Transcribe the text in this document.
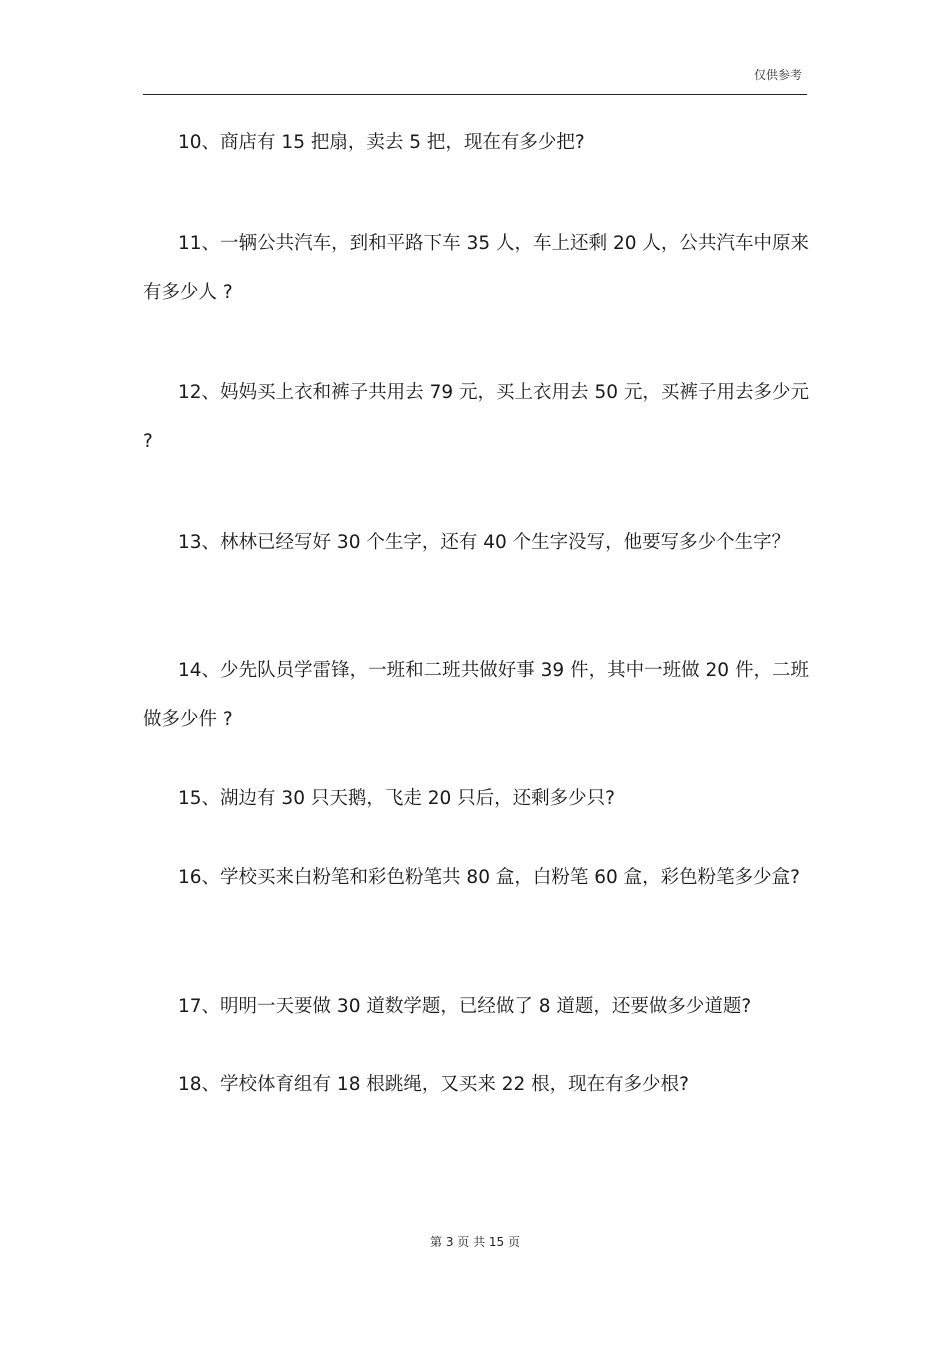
仅供参考

10、商店有 15 把扇，卖去 5 把，现在有多少把?

11、一辆公共汽车，到和平路下车 35 人，车上还剩 20 人，公共汽车中原来有多少人 ?

12、妈妈买上衣和裤子共用去 79 元，买上衣用去 50 元，买裤子用去多少元 ?

13、林林已经写好 30 个生字，还有 40 个生字没写，他要写多少个生字？

14、少先队员学雷锋，一班和二班共做好事 39 件，其中一班做 20 件，二班做多少件 ?

15、湖边有 30 只天鹅，飞走 20 只后，还剩多少只?

16、学校买来白粉笔和彩色粉笔共 80 盒，白粉笔 60 盒，彩色粉笔多少盒?

17、明明一天要做 30 道数学题，已经做了 8 道题，还要做多少道题?

18、学校体育组有 18 根跳绳，又买来 22 根，现在有多少根?

第 3 页 共 15 页
